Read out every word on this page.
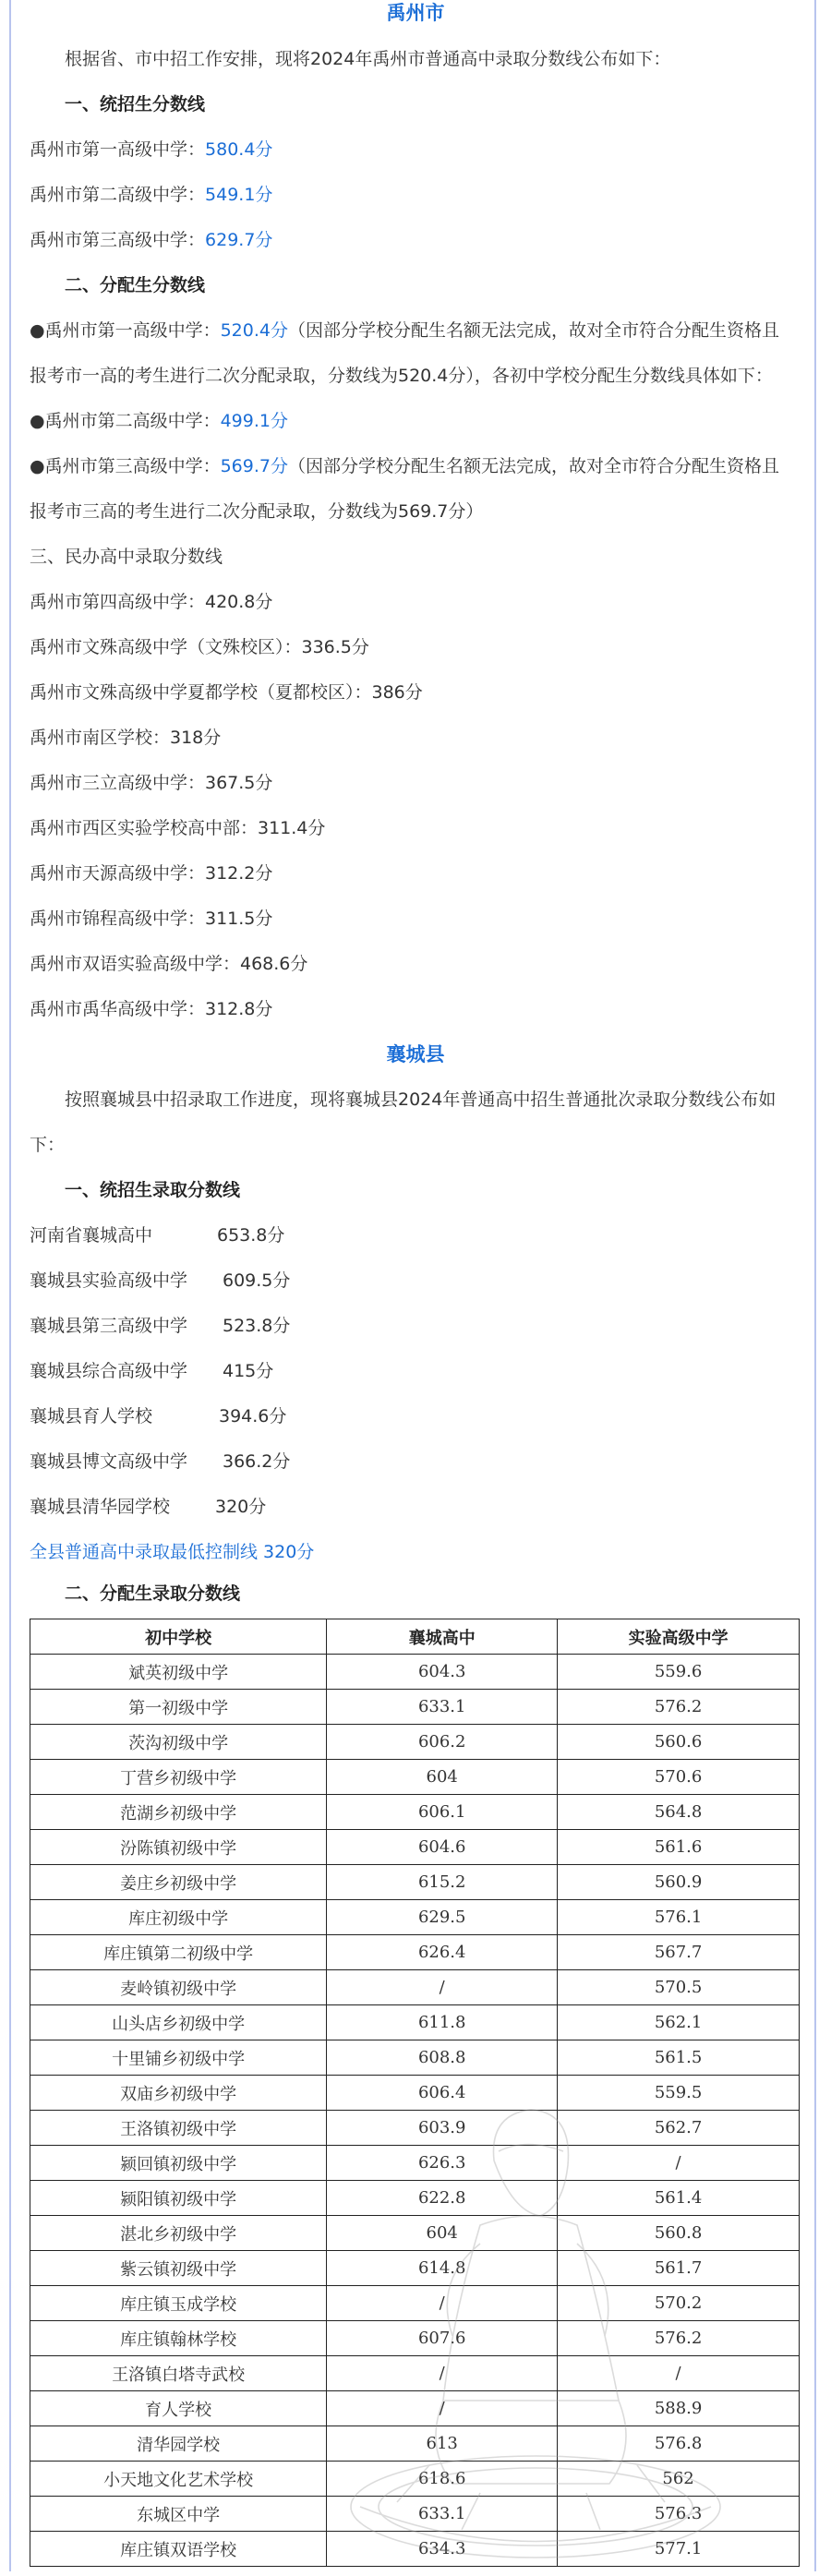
禹州市
根据省、市中招工作安排，现将2024年禹州市普通高中录取分数线公布如下：
一、统招生分数线
禹州市第一高级中学：580.4分
禹州市第二高级中学：549.1分
禹州市第三高级中学：629.7分
二、分配生分数线
●禹州市第一高级中学：520.4分（因部分学校分配生名额无法完成，故对全市符合分配生资格且
报考市一高的考生进行二次分配录取，分数线为520.4分），各初中学校分配生分数线具体如下：
●禹州市第二高级中学：499.1分
●禹州市第三高级中学：569.7分（因部分学校分配生名额无法完成，故对全市符合分配生资格且
报考市三高的考生进行二次分配录取，分数线为569.7分）
三、民办高中录取分数线
禹州市第四高级中学：420.8分
禹州市文殊高级中学（文殊校区）：336.5分
禹州市文殊高级中学夏都学校（夏都校区）：386分
禹州市南区学校：318分
禹州市三立高级中学：367.5分
禹州市西区实验学校高中部：311.4分
禹州市天源高级中学：312.2分
禹州市锦程高级中学：311.5分
禹州市双语实验高级中学：468.6分
禹州市禹华高级中学：312.8分
襄城县
按照襄城县中招录取工作进度，现将襄城县2024年普通高中招生普通批次录取分数线公布如
下：
一、统招生录取分数线
河南省襄城高中	653.8分
襄城县实验高级中学	609.5分
襄城县第三高级中学	523.8分
襄城县综合高级中学	415分
襄城县育人学校	394.6分
襄城县博文高级中学	366.2分
襄城县清华园学校	320分
全县普通高中录取最低控制线 320分
二、分配生录取分数线
初中学校	襄城高中	实验高级中学
斌英初级中学	604.3	559.6
第一初级中学	633.1	576.2
茨沟初级中学	606.2	560.6
丁营乡初级中学	604	570.6
范湖乡初级中学	606.1	564.8
汾陈镇初级中学	604.6	561.6
姜庄乡初级中学	615.2	560.9
库庄初级中学	629.5	576.1
库庄镇第二初级中学	626.4	567.7
麦岭镇初级中学	/	570.5
山头店乡初级中学	611.8	562.1
十里铺乡初级中学	608.8	561.5
双庙乡初级中学	606.4	559.5
王洛镇初级中学	603.9	562.7
颍回镇初级中学	626.3	/
颍阳镇初级中学	622.8	561.4
湛北乡初级中学	604	560.8
紫云镇初级中学	614.8	561.7
库庄镇玉成学校	/	570.2
库庄镇翰林学校	607.6	576.2
王洛镇白塔寺武校	/	/
育人学校	/	588.9
清华园学校	613	576.8
小天地文化艺术学校	618.6	562
东城区中学	633.1	576.3
库庄镇双语学校	634.3	577.1
